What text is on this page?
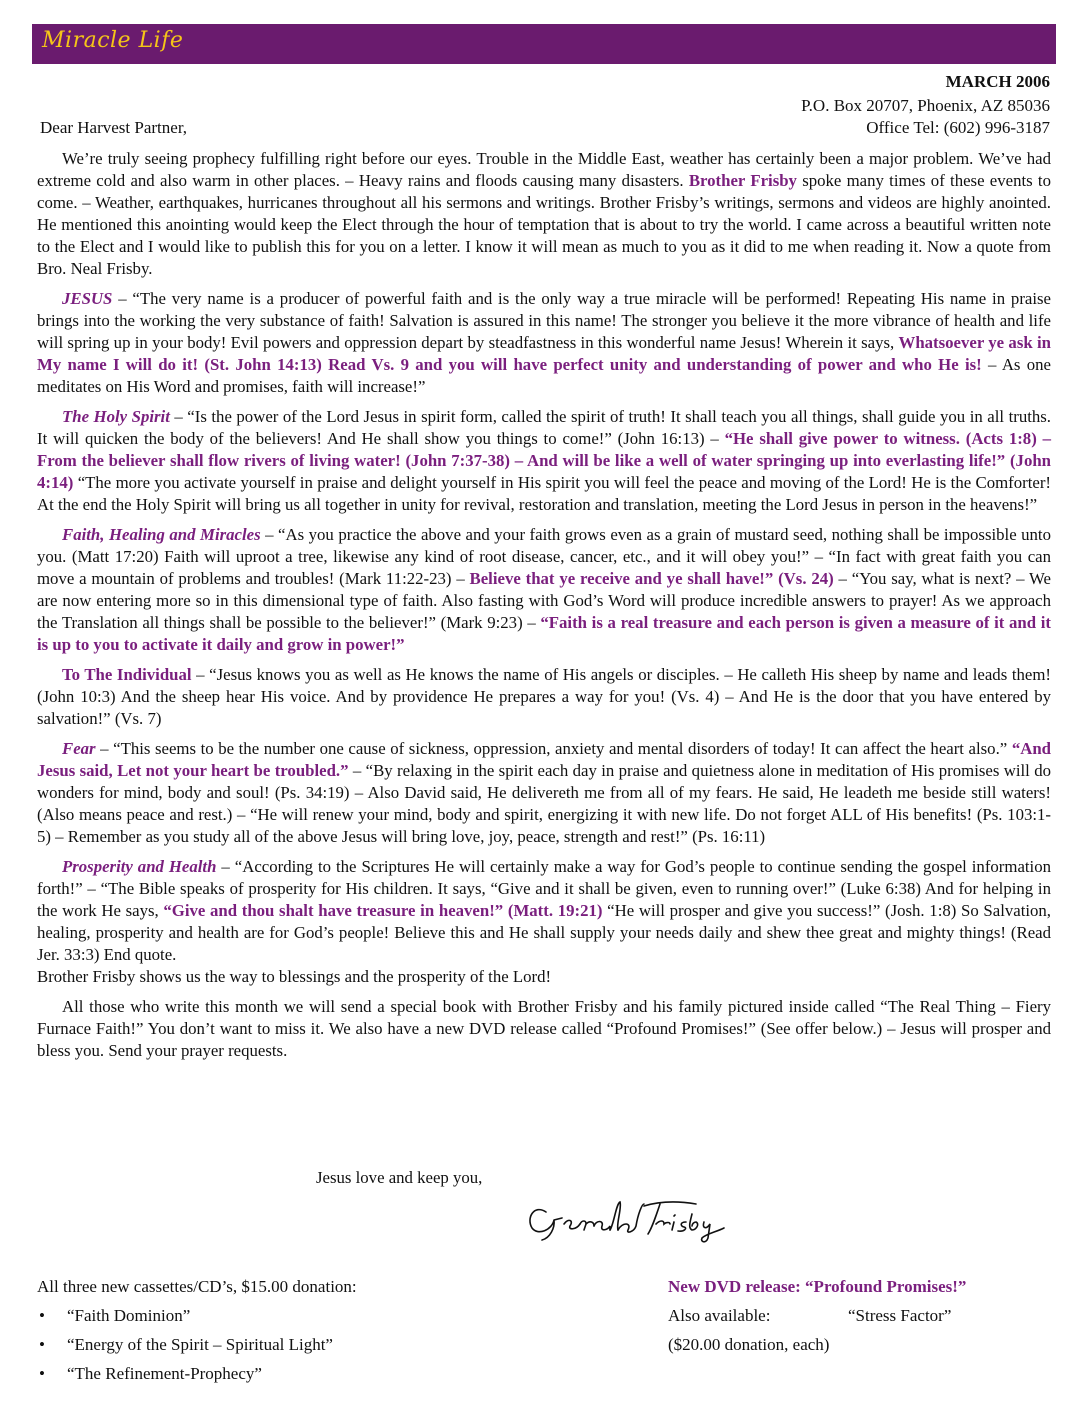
Miracle Life
MARCH 2006
P.O. Box 20707, Phoenix, AZ 85036
Office Tel: (602) 996-3187
Dear Harvest Partner,

We’re truly seeing prophecy fulfilling right before our eyes. Trouble in the Middle East, weather has certainly been a major problem. We’ve had extreme cold and also warm in other places. – Heavy rains and floods causing many disasters. Brother Frisby spoke many times of these events to come. – Weather, earthquakes, hurricanes throughout all his sermons and writings. Brother Frisby’s writings, sermons and videos are highly anointed. He mentioned this anointing would keep the Elect through the hour of temptation that is about to try the world. I came across a beautiful written note to the Elect and I would like to publish this for you on a letter. I know it will mean as much to you as it did to me when reading it. Now a quote from Bro. Neal Frisby.

JESUS – “The very name is a producer of powerful faith and is the only way a true miracle will be performed! Repeating His name in praise brings into the working the very substance of faith! Salvation is assured in this name! The stronger you believe it the more vibrance of health and life will spring up in your body! Evil powers and oppression depart by steadfastness in this wonderful name Jesus! Wherein it says, Whatsoever ye ask in My name I will do it! (St. John 14:13) Read Vs. 9 and you will have perfect unity and understanding of power and who He is! – As one meditates on His Word and promises, faith will increase!”

The Holy Spirit – “Is the power of the Lord Jesus in spirit form, called the spirit of truth! It shall teach you all things, shall guide you in all truths. It will quicken the body of the believers! And He shall show you things to come!” (John 16:13) – “He shall give power to witness. (Acts 1:8) – From the believer shall flow rivers of living water! (John 7:37-38) – And will be like a well of water springing up into everlasting life!” (John 4:14) “The more you activate yourself in praise and delight yourself in His spirit you will feel the peace and moving of the Lord! He is the Comforter! At the end the Holy Spirit will bring us all together in unity for revival, restoration and translation, meeting the Lord Jesus in person in the heavens!”

Faith, Healing and Miracles – “As you practice the above and your faith grows even as a grain of mustard seed, nothing shall be impossible unto you. (Matt 17:20) Faith will uproot a tree, likewise any kind of root disease, cancer, etc., and it will obey you!” – “In fact with great faith you can move a mountain of problems and troubles! (Mark 11:22-23) – Believe that ye receive and ye shall have!” (Vs. 24) – “You say, what is next? – We are now entering more so in this dimensional type of faith. Also fasting with God’s Word will produce incredible answers to prayer! As we approach the Translation all things shall be possible to the believer!” (Mark 9:23) – “Faith is a real treasure and each person is given a measure of it and it is up to you to activate it daily and grow in power!”

To The Individual – “Jesus knows you as well as He knows the name of His angels or disciples. – He calleth His sheep by name and leads them! (John 10:3) And the sheep hear His voice. And by providence He prepares a way for you! (Vs. 4) – And He is the door that you have entered by salvation!” (Vs. 7)

Fear – “This seems to be the number one cause of sickness, oppression, anxiety and mental disorders of today! It can affect the heart also.” “And Jesus said, Let not your heart be troubled.” – “By relaxing in the spirit each day in praise and quietness alone in meditation of His promises will do wonders for mind, body and soul! (Ps. 34:19) – Also David said, He delivereth me from all of my fears. He said, He leadeth me beside still waters! (Also means peace and rest.) – “He will renew your mind, body and spirit, energizing it with new life. Do not forget ALL of His benefits! (Ps. 103:1-5) – Remember as you study all of the above Jesus will bring love, joy, peace, strength and rest!” (Ps. 16:11)

Prosperity and Health – “According to the Scriptures He will certainly make a way for God’s people to continue sending the gospel information forth!” – “The Bible speaks of prosperity for His children. It says, “Give and it shall be given, even to running over!” (Luke 6:38) And for helping in the work He says, “Give and thou shalt have treasure in heaven!” (Matt. 19:21) “He will prosper and give you success!” (Josh. 1:8) So Salvation, healing, prosperity and health are for God’s people! Believe this and He shall supply your needs daily and shew thee great and mighty things! (Read Jer. 33:3) End quote.

Brother Frisby shows us the way to blessings and the prosperity of the Lord!

All those who write this month we will send a special book with Brother Frisby and his family pictured inside called “The Real Thing – Fiery Furnace Faith!” You don’t want to miss it. We also have a new DVD release called “Profound Promises!” (See offer below.) – Jesus will prosper and bless you. Send your prayer requests.

Jesus love and keep you,
All three new cassettes/CD’s, $15.00 donation:
• “Faith Dominion”
• “Energy of the Spirit – Spiritual Light”
• “The Refinement-Prophecy”
New DVD release: “Profound Promises!”
Also available:	“Stress Factor”
($20.00 donation, each)
